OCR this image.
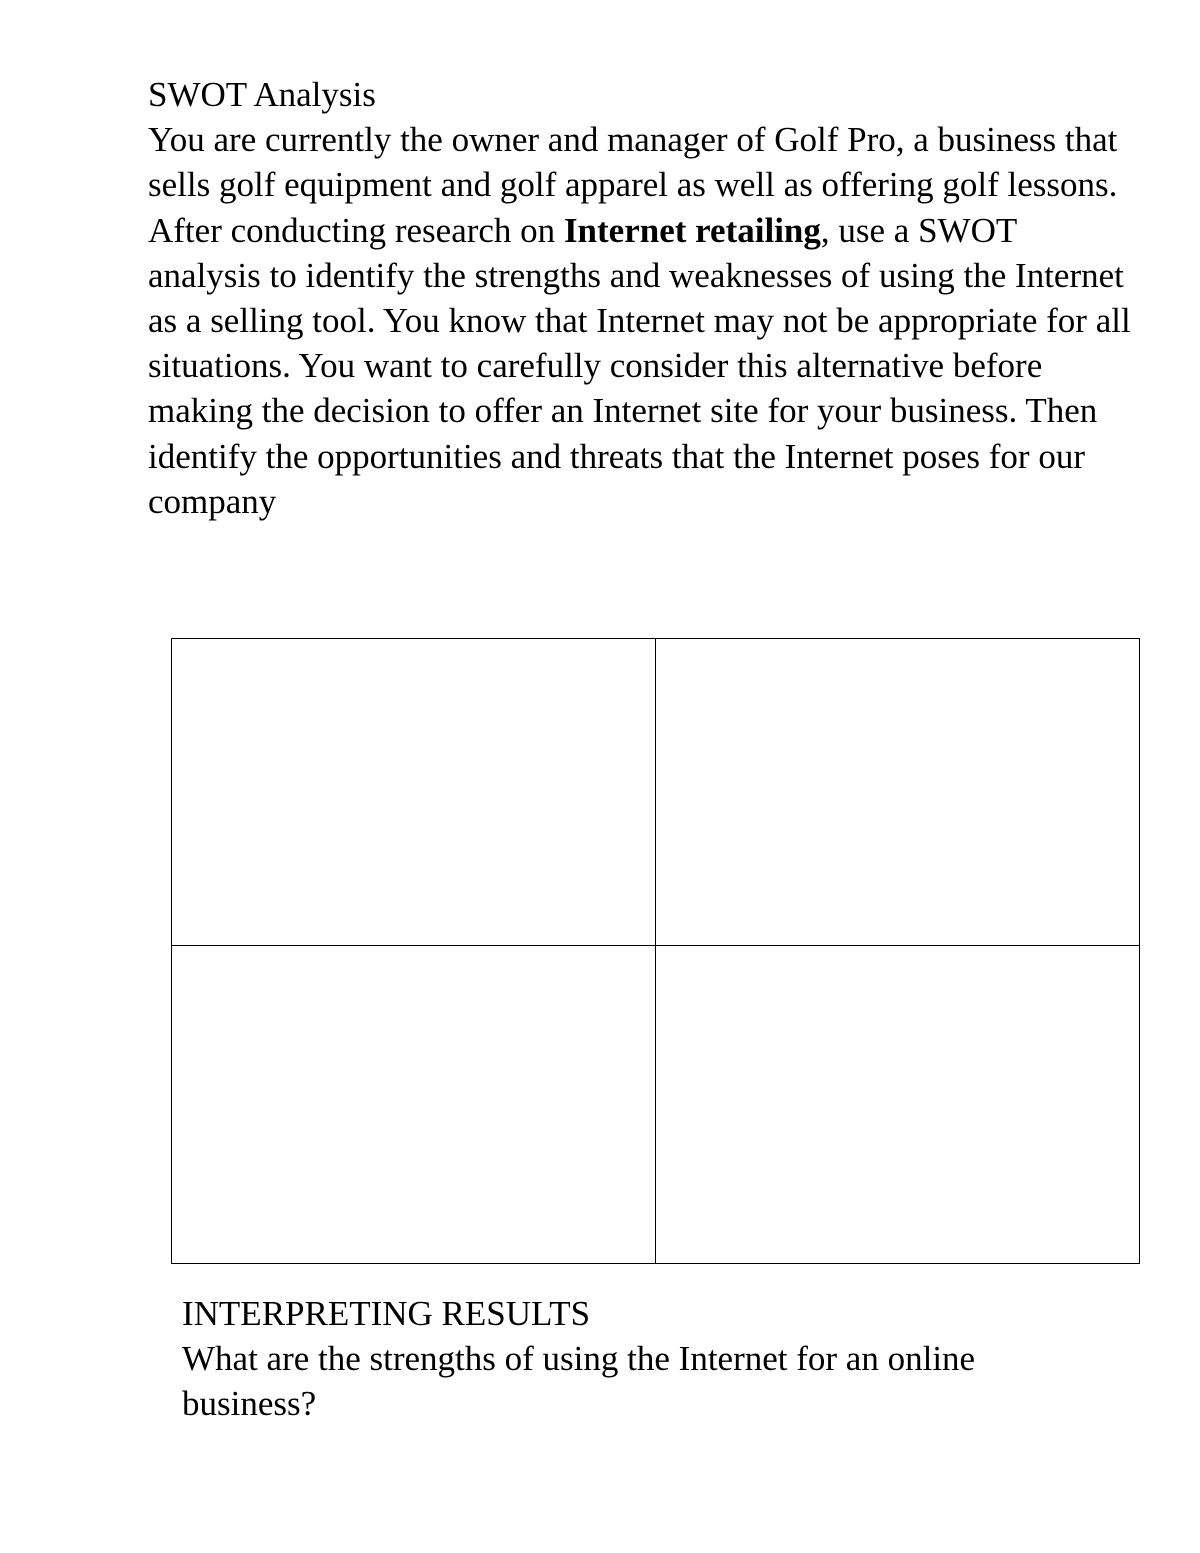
SWOT Analysis

You are currently the owner and manager of Golf Pro, a business that sells golf equipment and golf apparel as well as offering golf lessons. After conducting research on Internet retailing, use a SWOT analysis to identify the strengths and weaknesses of using the Internet as a selling tool. You know that Internet may not be appropriate for all situations. You want to carefully consider this alternative before making the decision to offer an Internet site for your business. Then identify the opportunities and threats that the Internet poses for our company

INTERPRETING RESULTS

What are the strengths of using the Internet for an online business?
